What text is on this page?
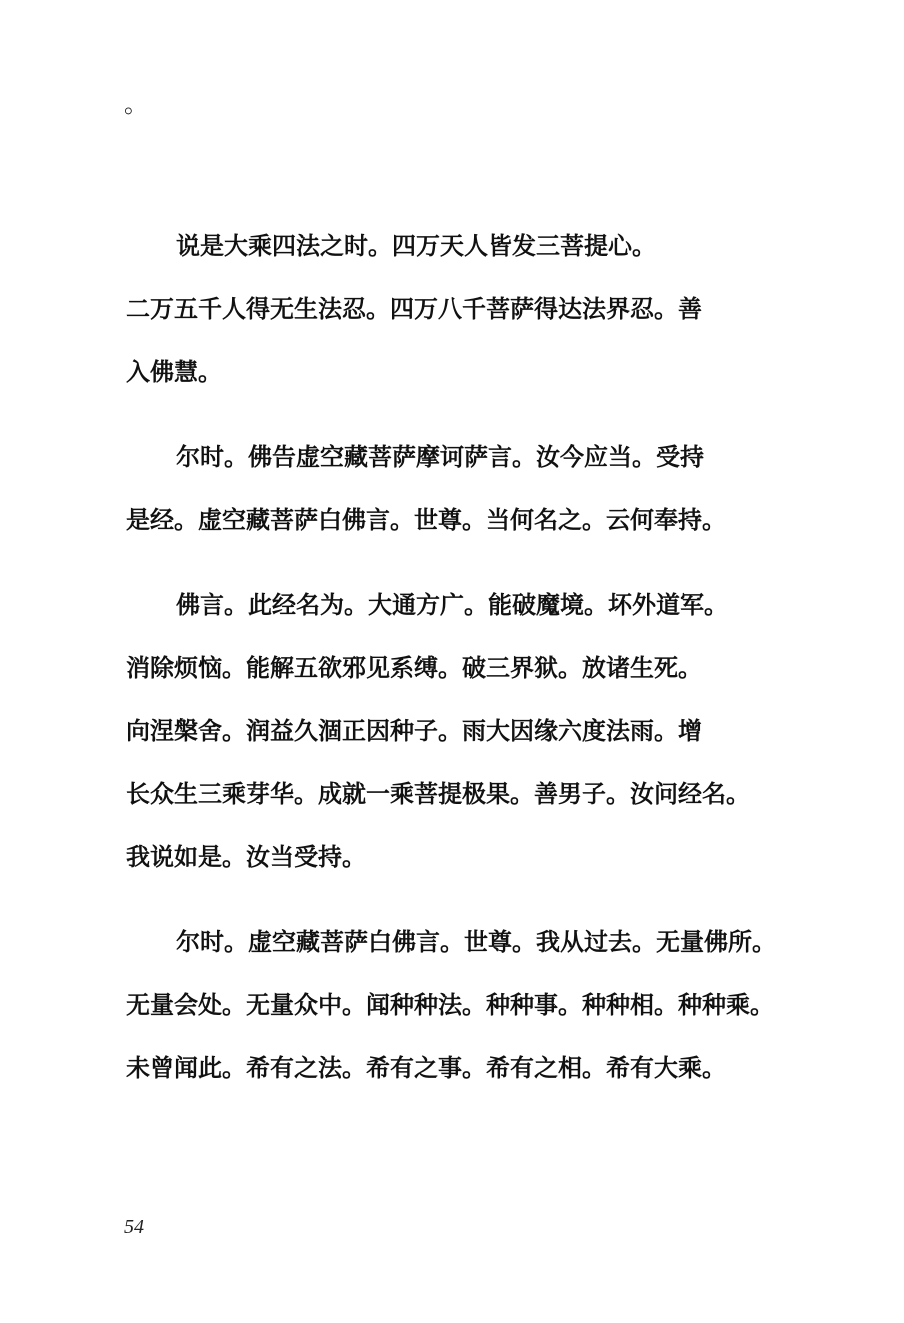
。
说是大乘四法之时。四万天人皆发三菩提心。
二万五千人得无生法忍。四万八千菩萨得达法界忍。善
入佛慧。
尔时。佛告虚空藏菩萨摩诃萨言。汝今应当。受持
是经。虚空藏菩萨白佛言。世尊。当何名之。云何奉持。
佛言。此经名为。大通方广。能破魔境。坏外道军。
消除烦恼。能解五欲邪见系缚。破三界狱。放诸生死。
向涅槃舍。润益久涸正因种子。雨大因缘六度法雨。增
长众生三乘芽华。成就一乘菩提极果。善男子。汝问经名。
我说如是。汝当受持。
尔时。虚空藏菩萨白佛言。世尊。我从过去。无量佛所。
无量会处。无量众中。闻种种法。种种事。种种相。种种乘。
未曾闻此。希有之法。希有之事。希有之相。希有大乘。
54
